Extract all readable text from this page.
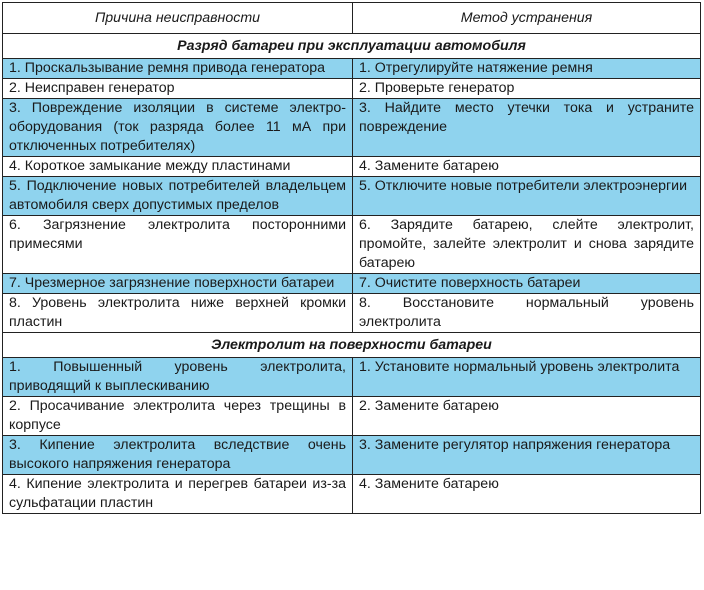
Причина неисправности	Метод устранения
Разряд батареи при эксплуатации автомобиля	

1. Проскальзывание ремня привода генератора	1. Отрегулируйте натяжение ремня

2. Неисправен генератор	2. Проверьте генератор

3. Повреждение изоляции в системе электрооборудования (ток разряда более 11 мА при отключенных потребителях)	3. Найдите место утечки тока и устраните повреждение

4. Короткое замыкание между пластинами	4. Замените батарею

5. Подключение новых потребителей владельцем автомобиля сверх допустимых пределов	5. Отключите новые потребители электроэнергии

6. Загрязнение электролита посторонними примесями	6. Зарядите батарею, слейте электролит, промойте, залейте электролит и снова зарядите батарею

7. Чрезмерное загрязнение поверхности батареи	7. Очистите поверхность батареи

8. Уровень электролита ниже верхней кромки пластин	8. Восстановите нормальный уровень электролита

Электролит на поверхности батареи	

1. Повышенный уровень электролита, приводящий к выплескиванию	1. Установите нормальный уровень электролита

2. Просачивание электролита через трещины в корпусе	2. Замените батарею

3. Кипение электролита вследствие очень высокого напряжения генератора	3. Замените регулятор напряжения генератора

4. Кипение электролита и перегрев батареи из-за сульфатации пластин	4. Замените батарею
